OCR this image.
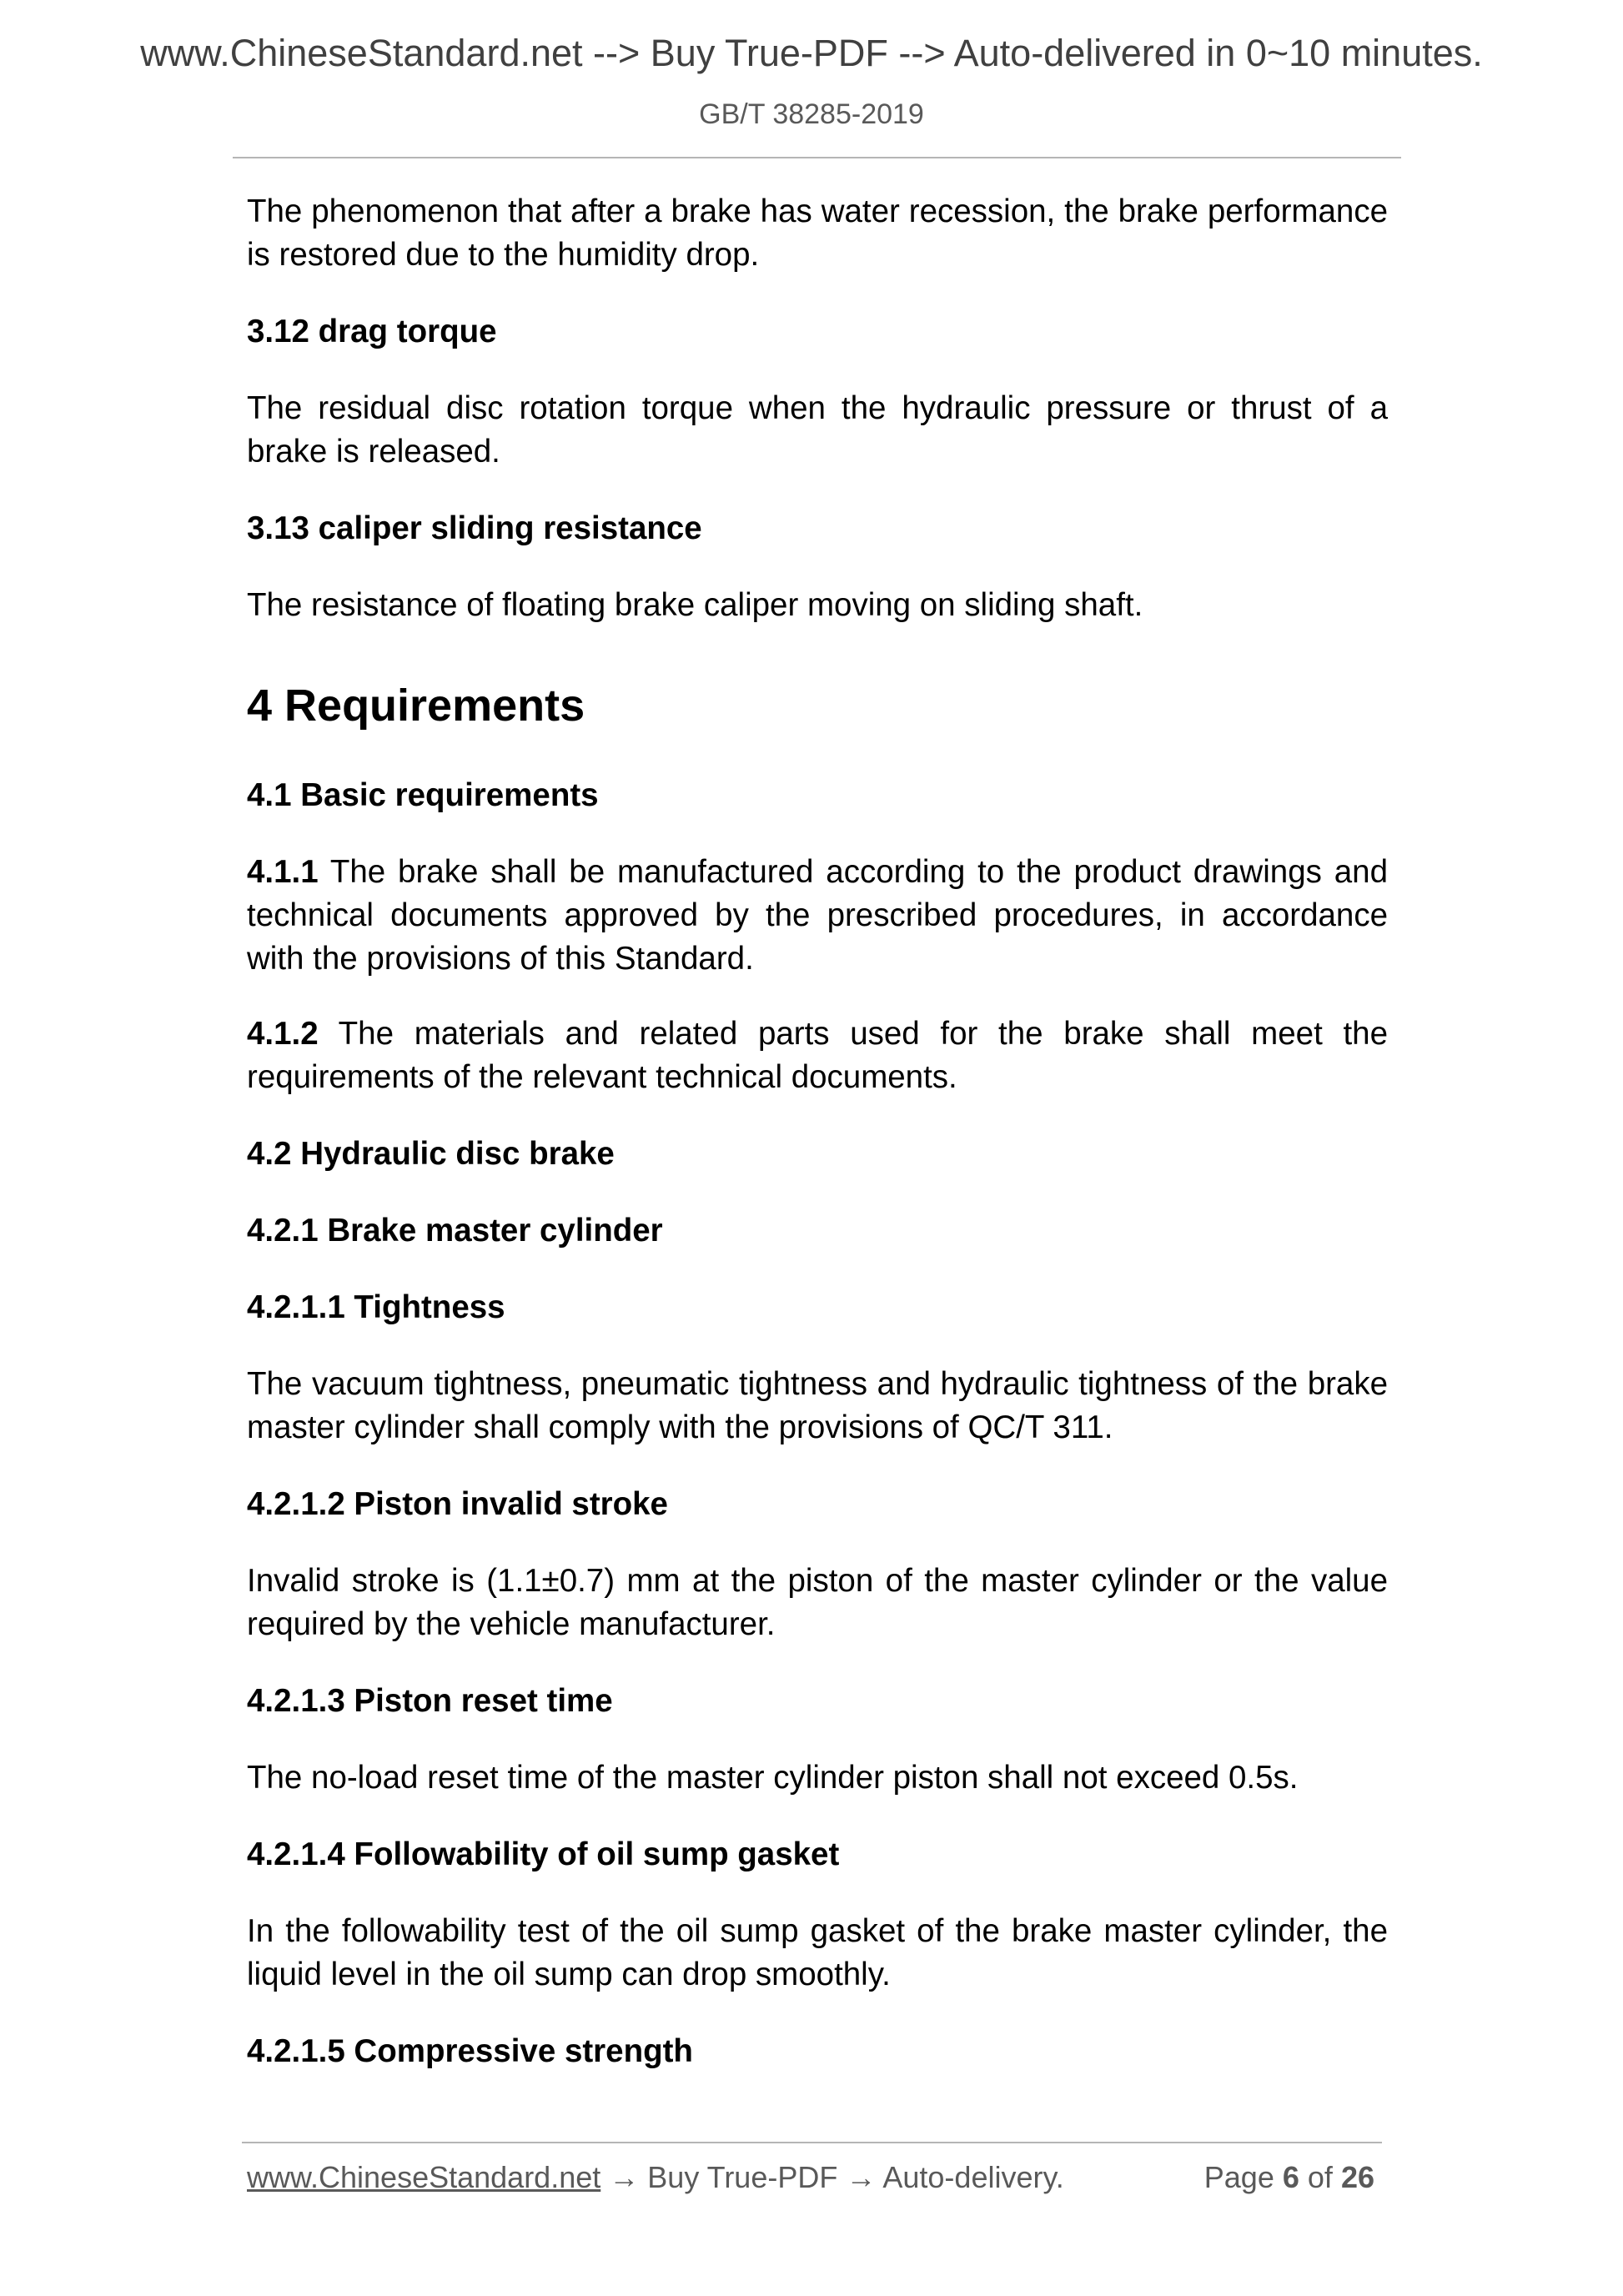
www.ChineseStandard.net --> Buy True-PDF --> Auto-delivered in 0~10 minutes.
GB/T 38285-2019

The phenomenon that after a brake has water recession, the brake performance is restored due to the humidity drop.

3.12 drag torque

The residual disc rotation torque when the hydraulic pressure or thrust of a brake is released.

3.13 caliper sliding resistance

The resistance of floating brake caliper moving on sliding shaft.

4 Requirements
4.1 Basic requirements

4.1.1 The brake shall be manufactured according to the product drawings and technical documents approved by the prescribed procedures, in accordance with the provisions of this Standard.

4.1.2 The materials and related parts used for the brake shall meet the requirements of the relevant technical documents.

4.2 Hydraulic disc brake
4.2.1 Brake master cylinder
4.2.1.1 Tightness

The vacuum tightness, pneumatic tightness and hydraulic tightness of the brake master cylinder shall comply with the provisions of QC/T 311.

4.2.1.2 Piston invalid stroke

Invalid stroke is (1.1±0.7) mm at the piston of the master cylinder or the value required by the vehicle manufacturer.

4.2.1.3 Piston reset time

The no-load reset time of the master cylinder piston shall not exceed 0.5s.

4.2.1.4 Followability of oil sump gasket

In the followability test of the oil sump gasket of the brake master cylinder, the liquid level in the oil sump can drop smoothly.

4.2.1.5 Compressive strength
www.ChineseStandard.net → Buy True-PDF → Auto-delivery.	Page 6 of 26
